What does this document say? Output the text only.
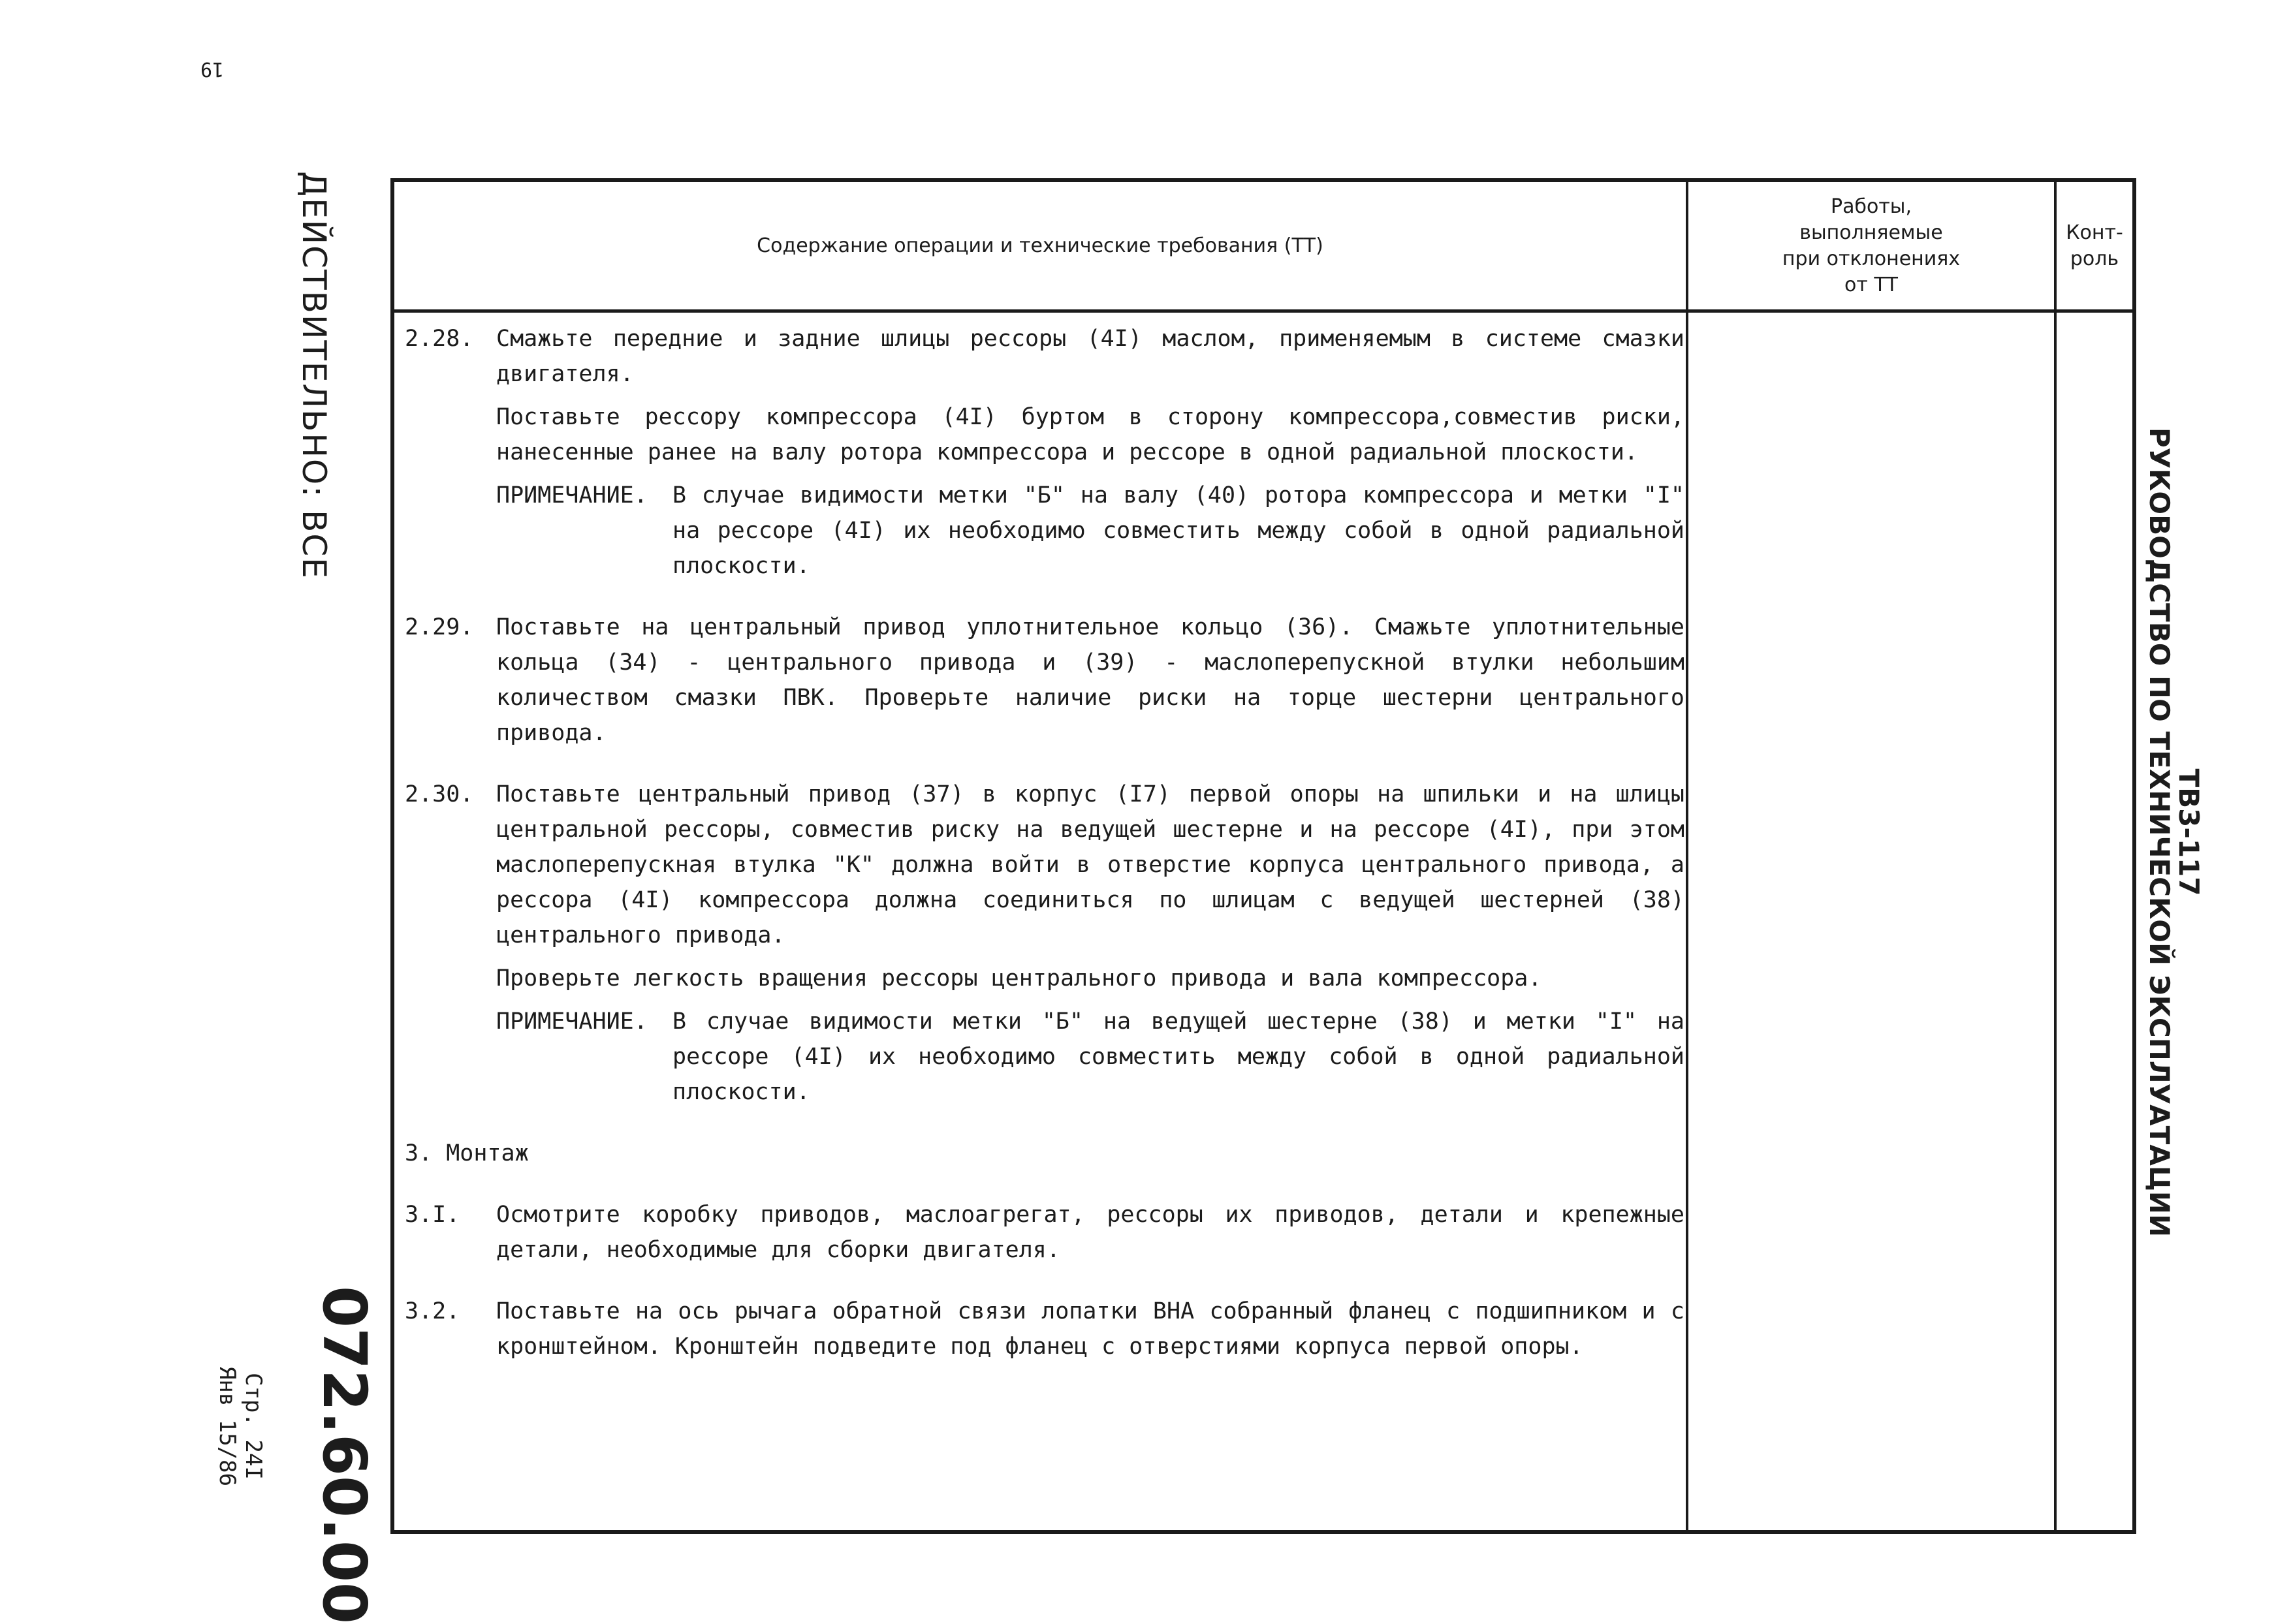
19
ДЕЙСТВИТЕЛЬНО: ВСЕ
072.60.00
Стр. 24I
Янв 15/86
ТВ3-117
РУКОВОДСТВО ПО ТЕХНИЧЕСКОЙ ЭКСПЛУАТАЦИИ
Содержание операции и технические требования (ТТ)
Работы,
выполняемые
при отклонениях
от ТТ
Конт-
роль
2.28. Смажьте передние и задние шлицы рессоры (4I) маслом, применяемым в системе смазки двигателя.
Поставьте рессору компрессора (4I) буртом в сторону компрессора,совместив риски, нанесенные ранее на валу ротора компрессора и рессоре в одной радиальной плоскости.
ПРИМЕЧАНИЕ. В случае видимости метки "Б" на валу (40) ротора компрессора и метки "I" на рессоре (4I) их необходимо совместить между собой в одной радиальной плоскости.
2.29. Поставьте на центральный привод уплотнительное кольцо (36). Смажьте уплотнительные кольца (34) - центрального привода и (39) - маслоперепускной втулки небольшим количеством смазки ПВК. Проверьте наличие риски на торце шестерни центрального привода.
2.30. Поставьте центральный привод (37) в корпус (I7) первой опоры на шпильки и на шлицы центральной рессоры, совместив риску на ведущей шестерне и на рессоре (4I), при этом маслоперепускная втулка "К" должна войти в отверстие корпуса центрального привода, а рессора (4I) компрессора должна соединиться по шлицам с ведущей шестерней (38) центрального привода.
Проверьте легкость вращения рессоры центрального привода и вала компрессора.
ПРИМЕЧАНИЕ. В случае видимости метки "Б" на ведущей шестерне (38) и метки "I" на рессоре (4I) их необходимо совместить между собой в одной радиальной плоскости.
3. Монтаж
3.I. Осмотрите коробку приводов, маслоагрегат, рессоры их приводов, детали и крепежные детали, необходимые для сборки двигателя.
3.2. Поставьте на ось рычага обратной связи лопатки ВНА собранный фланец с подшипником и с кронштейном. Кронштейн подведите под фланец с отверстиями корпуса первой опоры.
